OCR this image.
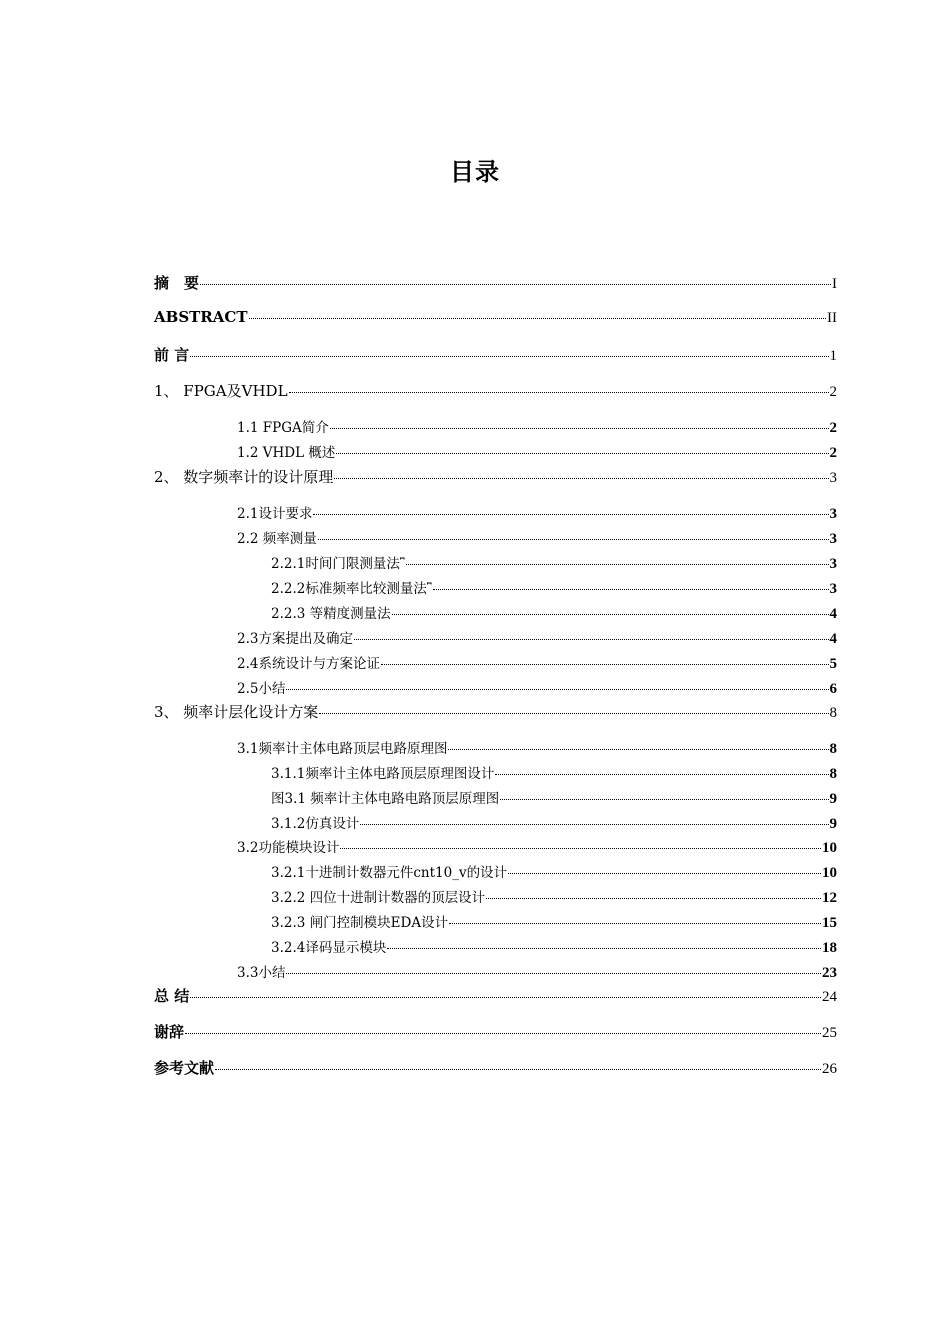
目录
摘　要	I
ABSTRACT	II
前 言	1
1、 FPGA及VHDL	2
1.1 FPGA简介	2
1.2 VHDL 概述	2
2、 数字频率计的设计原理	3
2.1设计要求	3
2.2 频率测量	3
2.2.1时间门限测量法 ⎴	3
2.2.2标准频率比较测量法 ⎴	3
2.2.3 等精度测量法	4
2.3方案提出及确定	4
2.4系统设计与方案论证	5
2.5小结	6
3、 频率计层化设计方案	8
3.1频率计主体电路顶层电路原理图	8
3.1.1频率计主体电路顶层原理图设计	8
图3.1 频率计主体电路电路顶层原理图	9
3.1.2仿真设计	9
3.2功能模块设计	10
3.2.1十进制计数器元件cnt10_v的设计	10
3.2.2 四位十进制计数器的顶层设计	12
3.2.3 闸门控制模块EDA设计	15
3.2.4译码显示模块	18
3.3小结	23
总 结	24
谢辞	25
参考文献	26
